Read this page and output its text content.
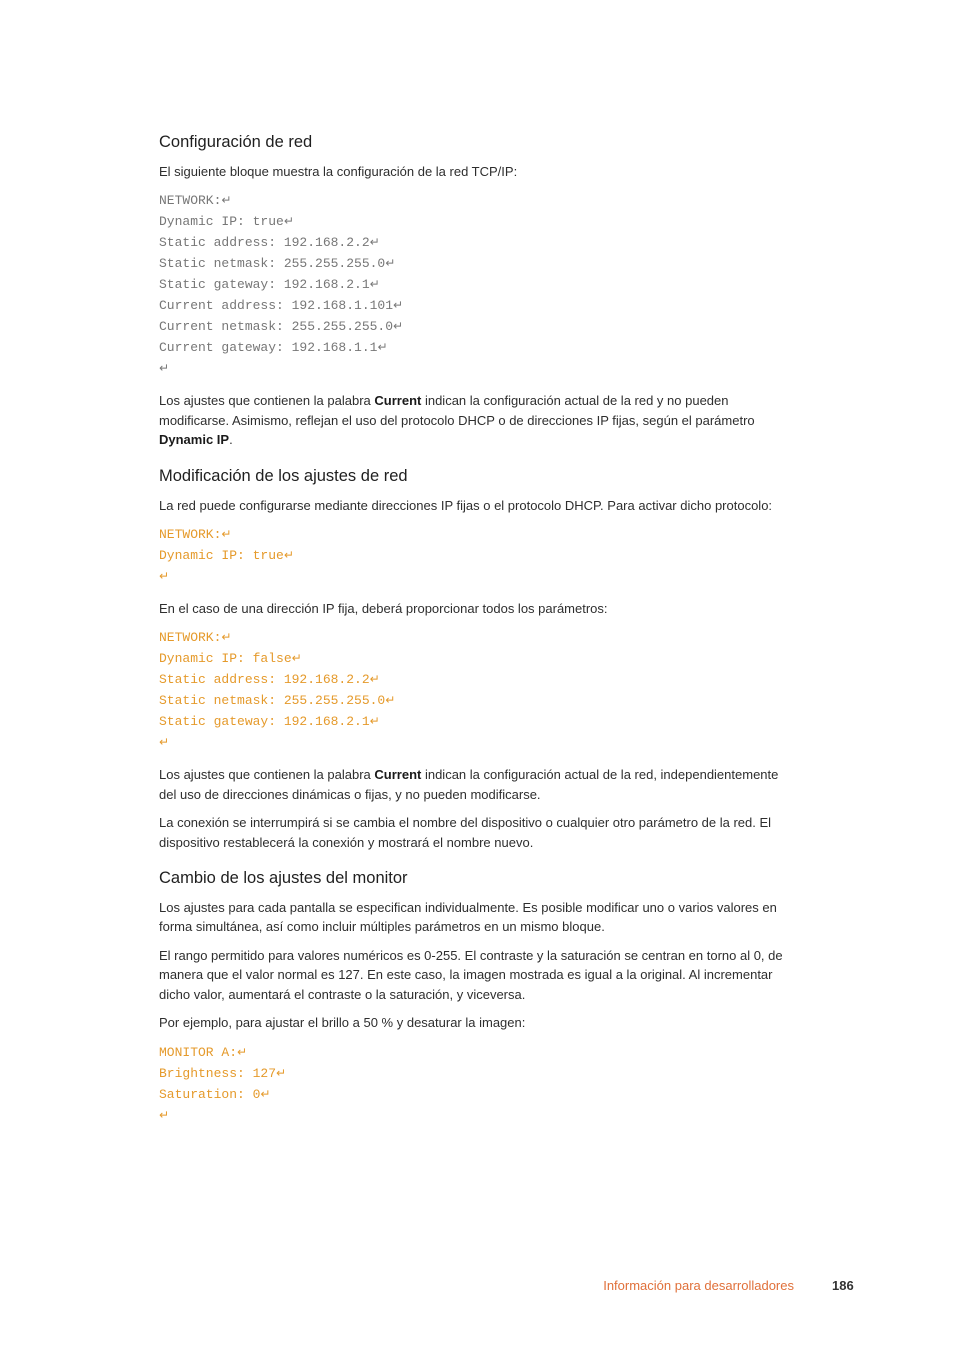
Configuración de red

El siguiente bloque muestra la configuración de la red TCP/IP:

NETWORK:↵
Dynamic IP: true↵
Static address: 192.168.2.2↵
Static netmask: 255.255.255.0↵
Static gateway: 192.168.2.1↵
Current address: 192.168.1.101↵
Current netmask: 255.255.255.0↵
Current gateway: 192.168.1.1↵
↵

Los ajustes que contienen la palabra Current indican la configuración actual de la red y no pueden modificarse. Asimismo, reflejan el uso del protocolo DHCP o de direcciones IP fijas, según el parámetro Dynamic IP.

Modificación de los ajustes de red

La red puede configurarse mediante direcciones IP fijas o el protocolo DHCP. Para activar dicho protocolo:

NETWORK:↵
Dynamic IP: true↵
↵

En el caso de una dirección IP fija, deberá proporcionar todos los parámetros:

NETWORK:↵
Dynamic IP: false↵
Static address: 192.168.2.2↵
Static netmask: 255.255.255.0↵
Static gateway: 192.168.2.1↵
↵

Los ajustes que contienen la palabra Current indican la configuración actual de la red, independientemente del uso de direcciones dinámicas o fijas, y no pueden modificarse.

La conexión se interrumpirá si se cambia el nombre del dispositivo o cualquier otro parámetro de la red. El dispositivo restablecerá la conexión y mostrará el nombre nuevo.

Cambio de los ajustes del monitor

Los ajustes para cada pantalla se especifican individualmente. Es posible modificar uno o varios valores en forma simultánea, así como incluir múltiples parámetros en un mismo bloque.

El rango permitido para valores numéricos es 0-255. El contraste y la saturación se centran en torno al 0, de manera que el valor normal es 127. En este caso, la imagen mostrada es igual a la original. Al incrementar dicho valor, aumentará el contraste o la saturación, y viceversa.

Por ejemplo, para ajustar el brillo a 50 % y desaturar la imagen:

MONITOR A:↵
Brightness: 127↵
Saturation: 0↵
↵
Información para desarrolladores	186
